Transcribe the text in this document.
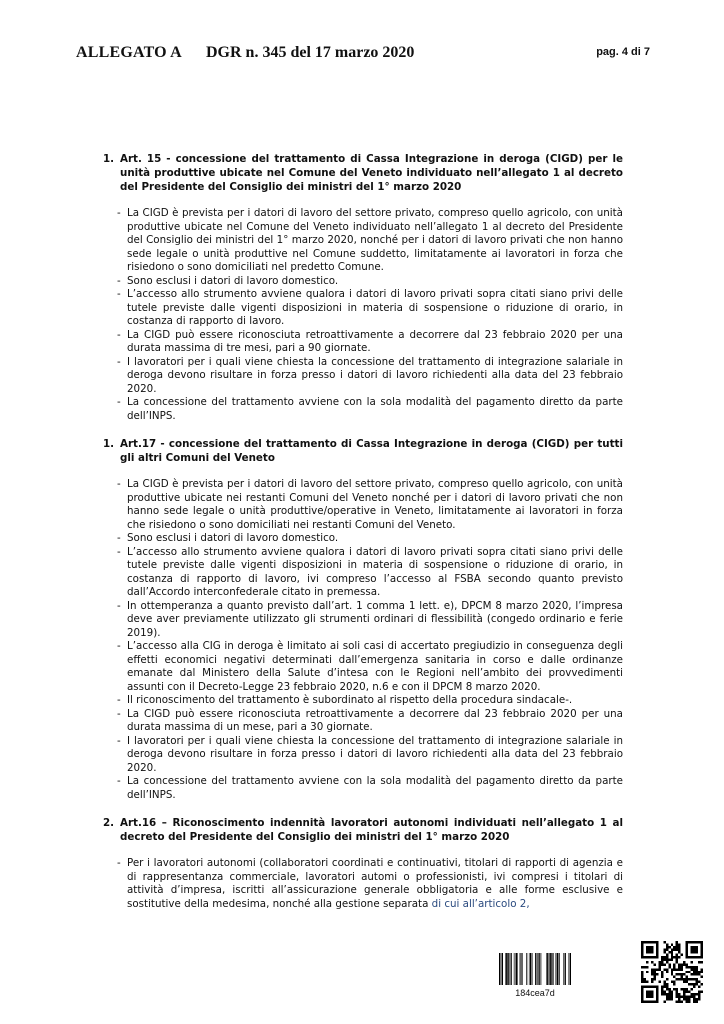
ALLEGATO A DGR n. 345 del 17 marzo 2020	pag. 4 di 7
1. Art. 15 - concessione del trattamento di Cassa Integrazione in deroga (CIGD) per le unità produttive ubicate nel Comune del Veneto individuato nell’allegato 1 al decreto del Presidente del Consiglio dei ministri del 1° marzo 2020
- La CIGD è prevista per i datori di lavoro del settore privato, compreso quello agricolo, con unità produttive ubicate nel Comune del Veneto individuato nell’allegato 1 al decreto del Presidente del Consiglio dei ministri del 1° marzo 2020, nonché per i datori di lavoro privati che non hanno sede legale o unità produttive nel Comune suddetto, limitatamente ai lavoratori in forza che risiedono o sono domiciliati nel predetto Comune.
- Sono esclusi i datori di lavoro domestico.
- L’accesso allo strumento avviene qualora i datori di lavoro privati sopra citati siano privi delle tutele previste dalle vigenti disposizioni in materia di sospensione o riduzione di orario, in costanza di rapporto di lavoro.
- La CIGD può essere riconosciuta retroattivamente a decorrere dal 23 febbraio 2020 per una durata massima di tre mesi, pari a 90 giornate.
- I lavoratori per i quali viene chiesta la concessione del trattamento di integrazione salariale in deroga devono risultare in forza presso i datori di lavoro richiedenti alla data del 23 febbraio 2020.
- La concessione del trattamento avviene con la sola modalità del pagamento diretto da parte dell’INPS.
1. Art.17 - concessione del trattamento di Cassa Integrazione in deroga (CIGD) per tutti gli altri Comuni del Veneto
- La CIGD è prevista per i datori di lavoro del settore privato, compreso quello agricolo, con unità produttive ubicate nei restanti Comuni del Veneto nonché per i datori di lavoro privati che non hanno sede legale o unità produttive/operative in Veneto, limitatamente ai lavoratori in forza che risiedono o sono domiciliati nei restanti Comuni del Veneto.
- Sono esclusi i datori di lavoro domestico.
- L’accesso allo strumento avviene qualora i datori di lavoro privati sopra citati siano privi delle tutele previste dalle vigenti disposizioni in materia di sospensione o riduzione di orario, in costanza di rapporto di lavoro, ivi compreso l’accesso al FSBA secondo quanto previsto dall’Accordo interconfederale citato in premessa.
- In ottemperanza a quanto previsto dall’art. 1 comma 1 lett. e), DPCM 8 marzo 2020, l’impresa deve aver previamente utilizzato gli strumenti ordinari di flessibilità (congedo ordinario e ferie 2019).
- L’accesso alla CIG in deroga è limitato ai soli casi di accertato pregiudizio in conseguenza degli effetti economici negativi determinati dall’emergenza sanitaria in corso e dalle ordinanze emanate dal Ministero della Salute d’intesa con le Regioni nell’ambito dei provvedimenti assunti con il Decreto-Legge 23 febbraio 2020, n.6 e con il DPCM 8 marzo 2020.
- Il riconoscimento del trattamento è subordinato al rispetto della procedura sindacale-.
- La CIGD può essere riconosciuta retroattivamente a decorrere dal 23 febbraio 2020 per una durata massima di un mese, pari a 30 giornate.
- I lavoratori per i quali viene chiesta la concessione del trattamento di integrazione salariale in deroga devono risultare in forza presso i datori di lavoro richiedenti alla data del 23 febbraio 2020.
- La concessione del trattamento avviene con la sola modalità del pagamento diretto da parte dell’INPS.
2. Art.16 – Riconoscimento indennità lavoratori autonomi individuati nell’allegato 1 al decreto del Presidente del Consiglio dei ministri del 1° marzo 2020
- Per i lavoratori autonomi (collaboratori coordinati e continuativi, titolari di rapporti di agenzia e di rappresentanza commerciale, lavoratori automi o professionisti, ivi compresi i titolari di attività d’impresa, iscritti all’assicurazione generale obbligatoria e alle forme esclusive e sostitutive della medesima, nonché alla gestione separata di cui all’articolo 2,
184cea7d
